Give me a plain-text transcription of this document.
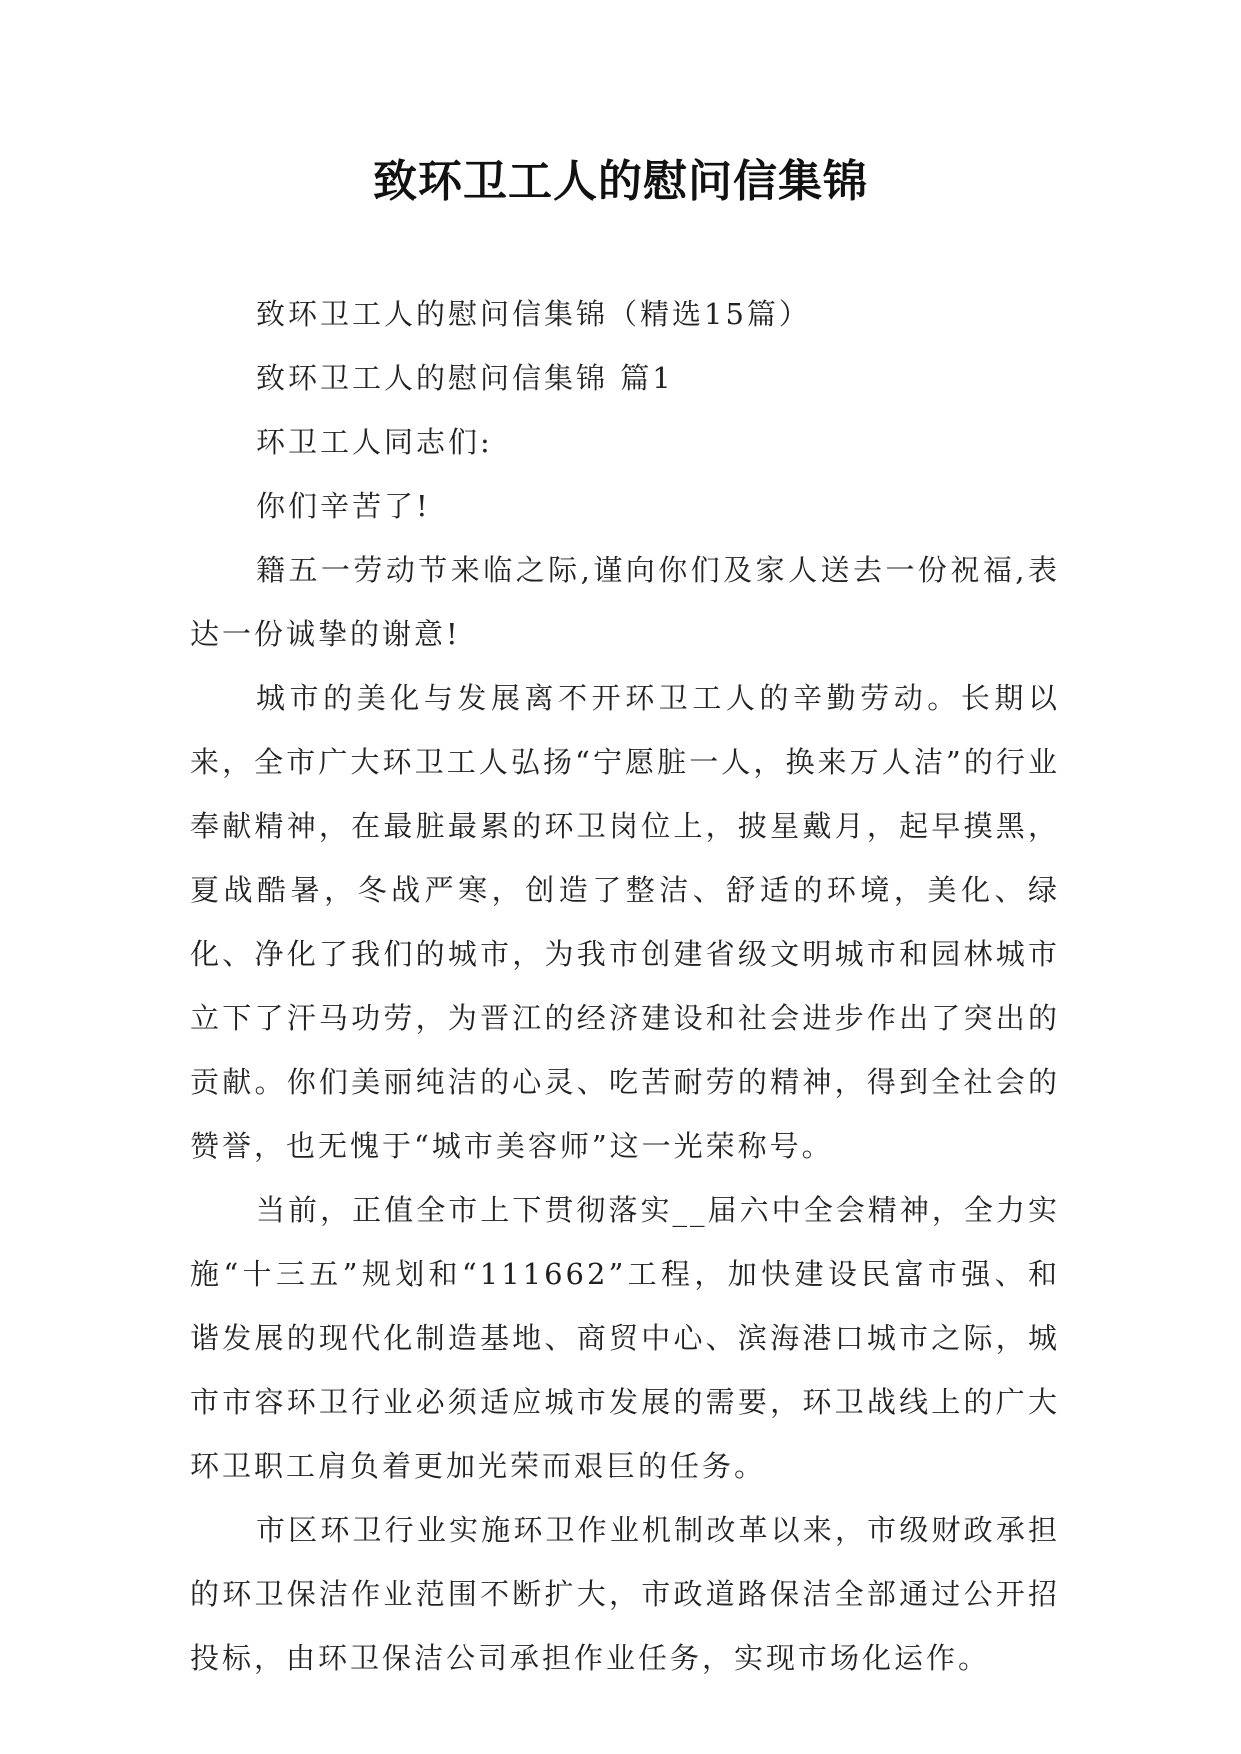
致环卫工人的慰问信集锦

致环卫工人的慰问信集锦（精选15篇）

致环卫工人的慰问信集锦 篇1

环卫工人同志们:

你们辛苦了!

籍五一劳动节来临之际,谨向你们及家人送去一份祝福,表达一份诚挚的谢意!

城市的美化与发展离不开环卫工人的辛勤劳动。长期以来，全市广大环卫工人弘扬“宁愿脏一人，换来万人洁”的行业奉献精神，在最脏最累的环卫岗位上，披星戴月，起早摸黑，夏战酷暑，冬战严寒，创造了整洁、舒适的环境，美化、绿化、净化了我们的城市，为我市创建省级文明城市和园林城市立下了汗马功劳，为晋江的经济建设和社会进步作出了突出的贡献。你们美丽纯洁的心灵、吃苦耐劳的精神，得到全社会的赞誉，也无愧于“城市美容师”这一光荣称号。

当前，正值全市上下贯彻落实__届六中全会精神，全力实施“十三五”规划和“111662”工程，加快建设民富市强、和谐发展的现代化制造基地、商贸中心、滨海港口城市之际，城市市容环卫行业必须适应城市发展的需要，环卫战线上的广大环卫职工肩负着更加光荣而艰巨的任务。

市区环卫行业实施环卫作业机制改革以来，市级财政承担的环卫保洁作业范围不断扩大，市政道路保洁全部通过公开招投标，由环卫保洁公司承担作业任务，实现市场化运作。
